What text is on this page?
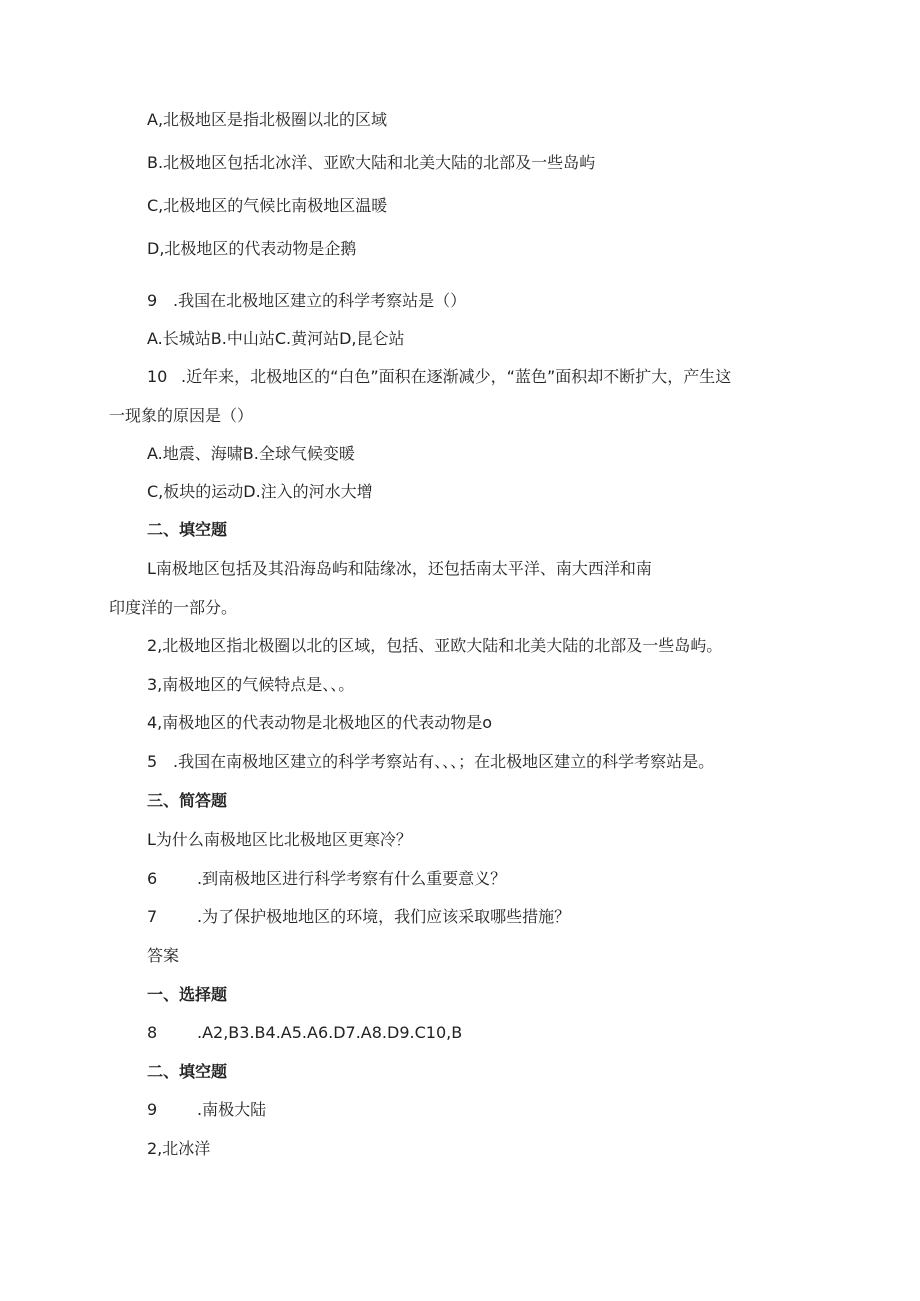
A,北极地区是指北极圈以北的区域
B.北极地区包括北冰洋、亚欧大陆和北美大陆的北部及一些岛屿
C,北极地区的气候比南极地区温暖
D,北极地区的代表动物是企鹅
9 .我国在北极地区建立的科学考察站是（）
A.长城站B.中山站C.黄河站D,昆仑站
10 .近年来，北极地区的“白色”面积在逐渐减少，“蓝色”面积却不断扩大，产生这
一现象的原因是（）
A.地震、海啸B.全球气候变暖
C,板块的运动D.注入的河水大增
二、填空题
L南极地区包括及其沿海岛屿和陆缘冰，还包括南太平洋、南大西洋和南
印度洋的一部分。
2,北极地区指北极圈以北的区域，包括、亚欧大陆和北美大陆的北部及一些岛屿。
3,南极地区的气候特点是、、。
4,南极地区的代表动物是北极地区的代表动物是o
5 .我国在南极地区建立的科学考察站有、、、；在北极地区建立的科学考察站是。
三、简答题
L为什么南极地区比北极地区更寒冷？
6 .到南极地区进行科学考察有什么重要意义？
7 .为了保护极地地区的环境，我们应该采取哪些措施？
答案
一、选择题
8 .A2,B3.B4.A5.A6.D7.A8.D9.C10,B
二、填空题
9 .南极大陆
2,北冰洋
